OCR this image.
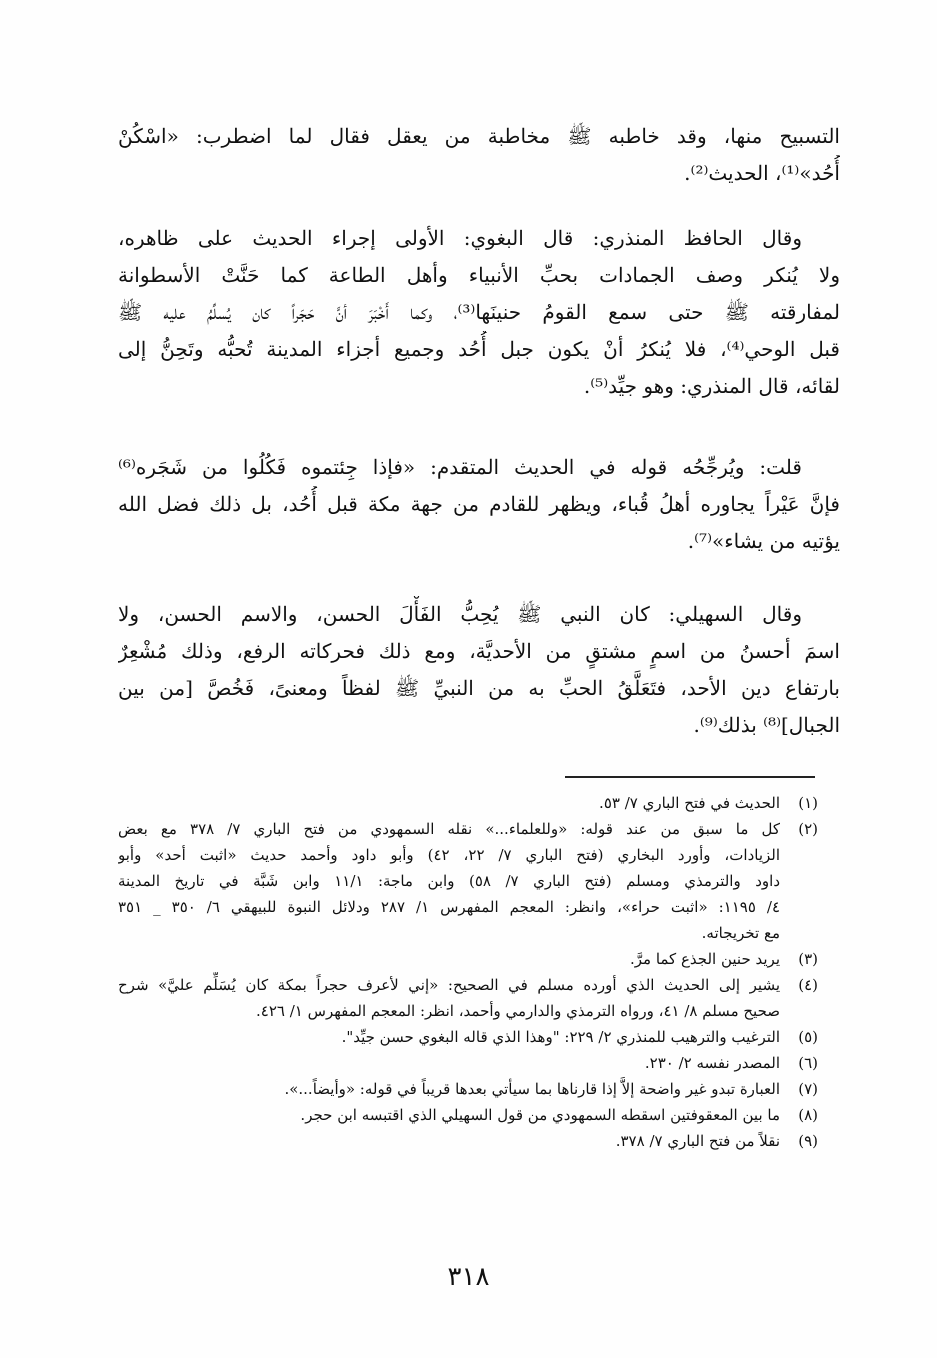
التسبيح منها، وقد خاطبه ﷺ مخاطبة من يعقل فقال لما اضطرب: «اسْكُنْ
أُحُد»⁽¹⁾، الحديث⁽²⁾.
وقال الحافظ المنذري: قال البغوي: الأولى إجراء الحديث على ظاهره،
ولا يُنكر وصف الجمادات بحبِّ الأنبياء وأهل الطاعة كما حَنَّتْ الأسطوانة
لمفارقته ﷺ حتى سمع القومُ حنينَها⁽³⁾، وكما أَخْبَرَ أنَّ حَجَراً كان يُسلِّمُ عليه ﷺ
قبل الوحي⁽⁴⁾، فلا يُنكرُ أنْ يكون جبل أُحُد وجميع أجزاء المدينة تُحبُّه وتَحِنُّ إلى
لقائه، قال المنذري: وهو جيِّد⁽⁵⁾.
قلت: ويُرجِّحُه قوله في الحديث المتقدم: «فإذا جِئتموه فَكُلُوا من شَجَره⁽⁶⁾
فإنَّ عَيْراً يجاوره أهلُ قُباء، ويظهر للقادم من جهة مكة قبل أُحُد، بل ذلك فضل الله
يؤتيه من يشاء»⁽⁷⁾.
وقال السهيلي: كان النبي ﷺ يُحِبُّ الفَأْلَ الحسن، والاسم الحسن، ولا
اسمَ أحسنُ من اسمٍ مشتقٍ من الأحديَّة، ومع ذلك فحركاته الرفع، وذلك مُشْعِرٌ
بارتفاع دين الأحد، فتَعَلَّقُ الحبِّ به من النبيِّ ﷺ لفظاً ومعنىً، فَخُصَّ [من بين
الجبال]⁽⁸⁾ بذلك⁽⁹⁾.
(١)
الحديث في فتح الباري ٧/ ٥٣.
(٢)
كل ما سبق من عند قوله: «وللعلماء...» نقله السمهودي من فتح الباري ٧/ ٣٧٨ مع بعض
الزيادات، وأورد البخاري (فتح الباري ٧/ ٢٢، ٤٢) وأبو داود وأحمد حديث «اثبت أحد» وأبو
داود والترمذي ومسلم (فتح الباري ٧/ ٥٨) وابن ماجة: ١١/١ وابن شَبَّة في تاريخ المدينة
٤/ ١١٩٥: «اثبت حراء»، وانظر: المعجم المفهرس ١/ ٢٨٧ ودلائل النبوة للبيهقي ٦/ ٣٥٠ _ ٣٥١
مع تخريجاته.
(٣)
يريد حنين الجذع كما مرَّ.
(٤)
يشير إلى الحديث الذي أورده مسلم في الصحيح: «إني لأعرف حجراً بمكة كان يُسَلِّم عليَّ» شرح
صحيح مسلم ٨/ ٤١، ورواه الترمذي والدارمي وأحمد، انظر: المعجم المفهرس ١/ ٤٢٦.
(٥)
الترغيب والترهيب للمنذري ٢/ ٢٢٩: "وهذا الذي قاله البغوي حسن جيِّد".
(٦)
المصدر نفسه ٢/ ٢٣٠.
(٧)
العبارة تبدو غير واضحة إلاَّ إذا قارناها بما سيأتي بعدها قريباً في قوله: «وأيضاً...».
(٨)
ما بين المعقوفتين اسقطه السمهودي من قول السهيلي الذي اقتبسه ابن حجر.
(٩)
نقلاً من فتح الباري ٧/ ٣٧٨.
٣١٨
